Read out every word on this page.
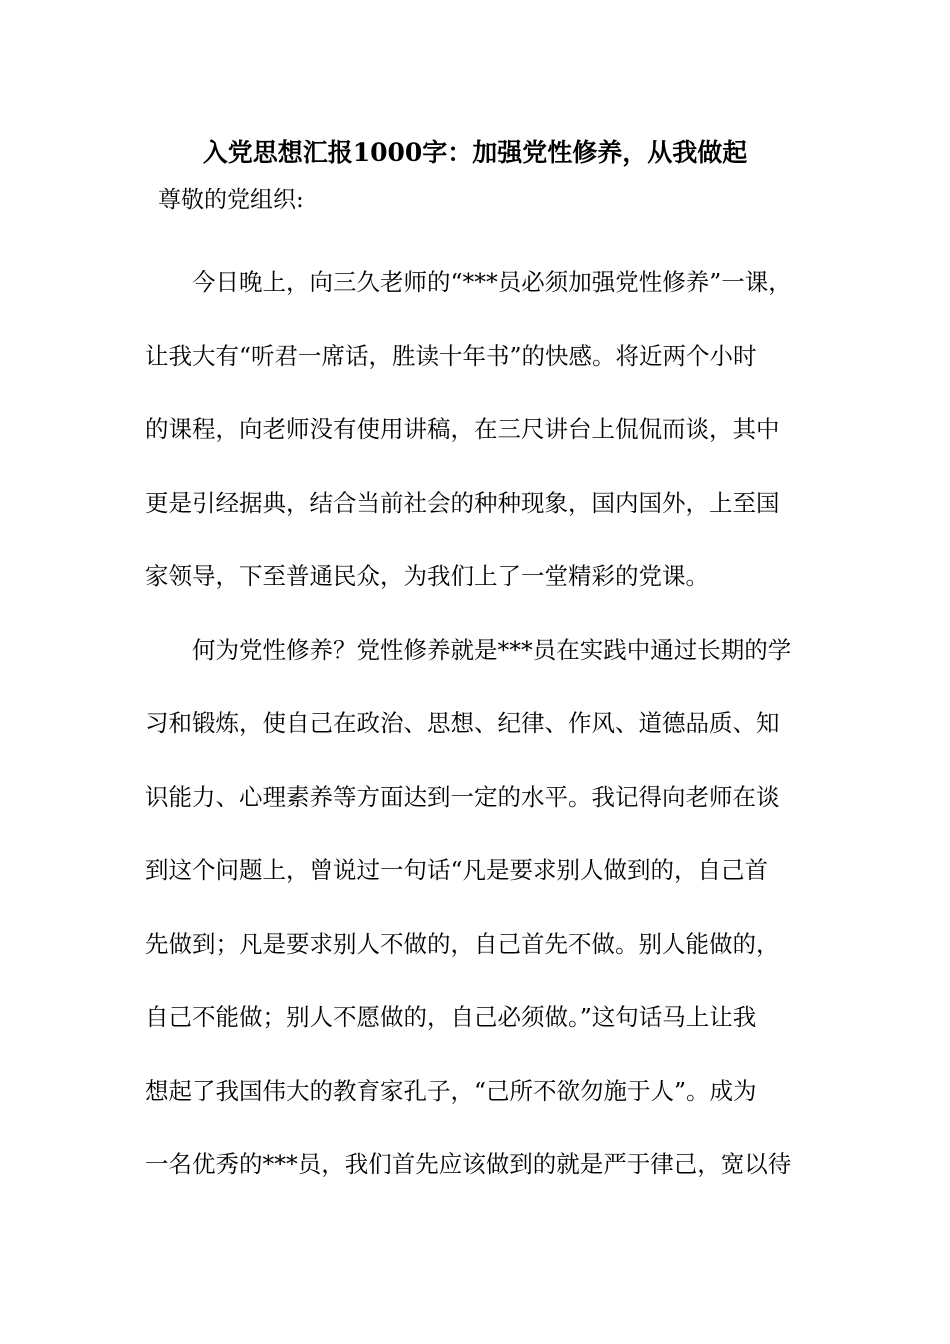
入党思想汇报1000字：加强党性修养，从我做起
尊敬的党组织:
　　今日晚上，向三久老师的“***员必须加强党性修养”一课，
让我大有“听君一席话，胜读十年书”的快感。将近两个小时
的课程，向老师没有使用讲稿，在三尺讲台上侃侃而谈，其中
更是引经据典，结合当前社会的种种现象，国内国外，上至国
家领导，下至普通民众，为我们上了一堂精彩的党课。
　　何为党性修养？党性修养就是***员在实践中通过长期的学
习和锻炼，使自己在政治、思想、纪律、作风、道德品质、知
识能力、心理素养等方面达到一定的水平。我记得向老师在谈
到这个问题上，曾说过一句话“凡是要求别人做到的，自己首
先做到；凡是要求别人不做的，自己首先不做。别人能做的，
自己不能做；别人不愿做的，自己必须做。”这句话马上让我
想起了我国伟大的教育家孔子，“己所不欲勿施于人”。成为
一名优秀的***员，我们首先应该做到的就是严于律己，宽以待
